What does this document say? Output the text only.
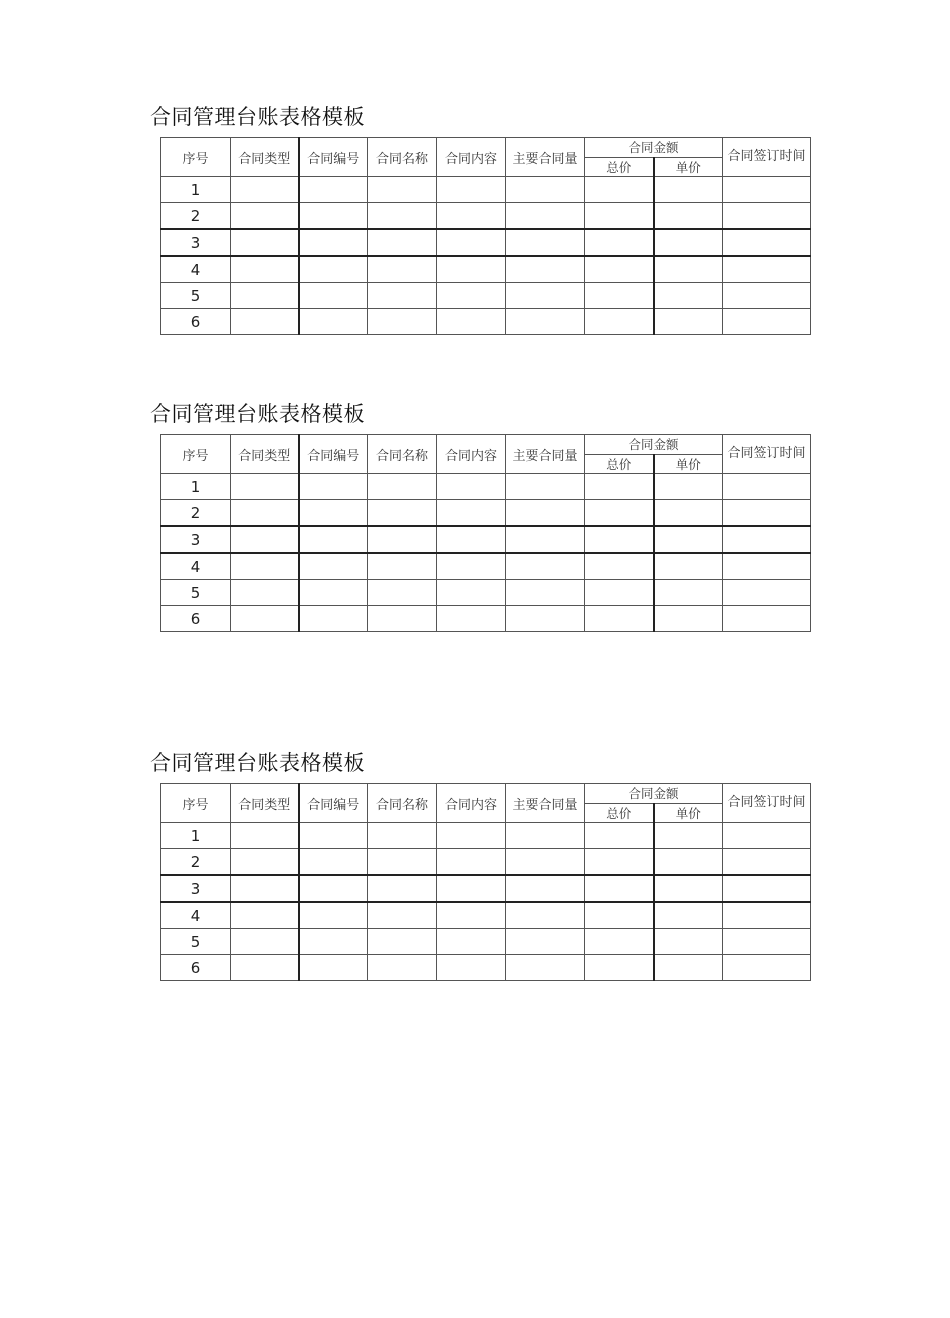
合同管理台账表格模板
序号	合同类型	合同编号	合同名称	合同内容	主要合同量	合同金额		合同签订时间
						总价	单价	
1								
2								
3								
4								
5								
6								
合同管理台账表格模板
序号	合同类型	合同编号	合同名称	合同内容	主要合同量	合同金额		合同签订时间
						总价	单价	
1								
2								
3								
4								
5								
6								
合同管理台账表格模板
序号	合同类型	合同编号	合同名称	合同内容	主要合同量	合同金额		合同签订时间
						总价	单价	
1								
2								
3								
4								
5								
6								
